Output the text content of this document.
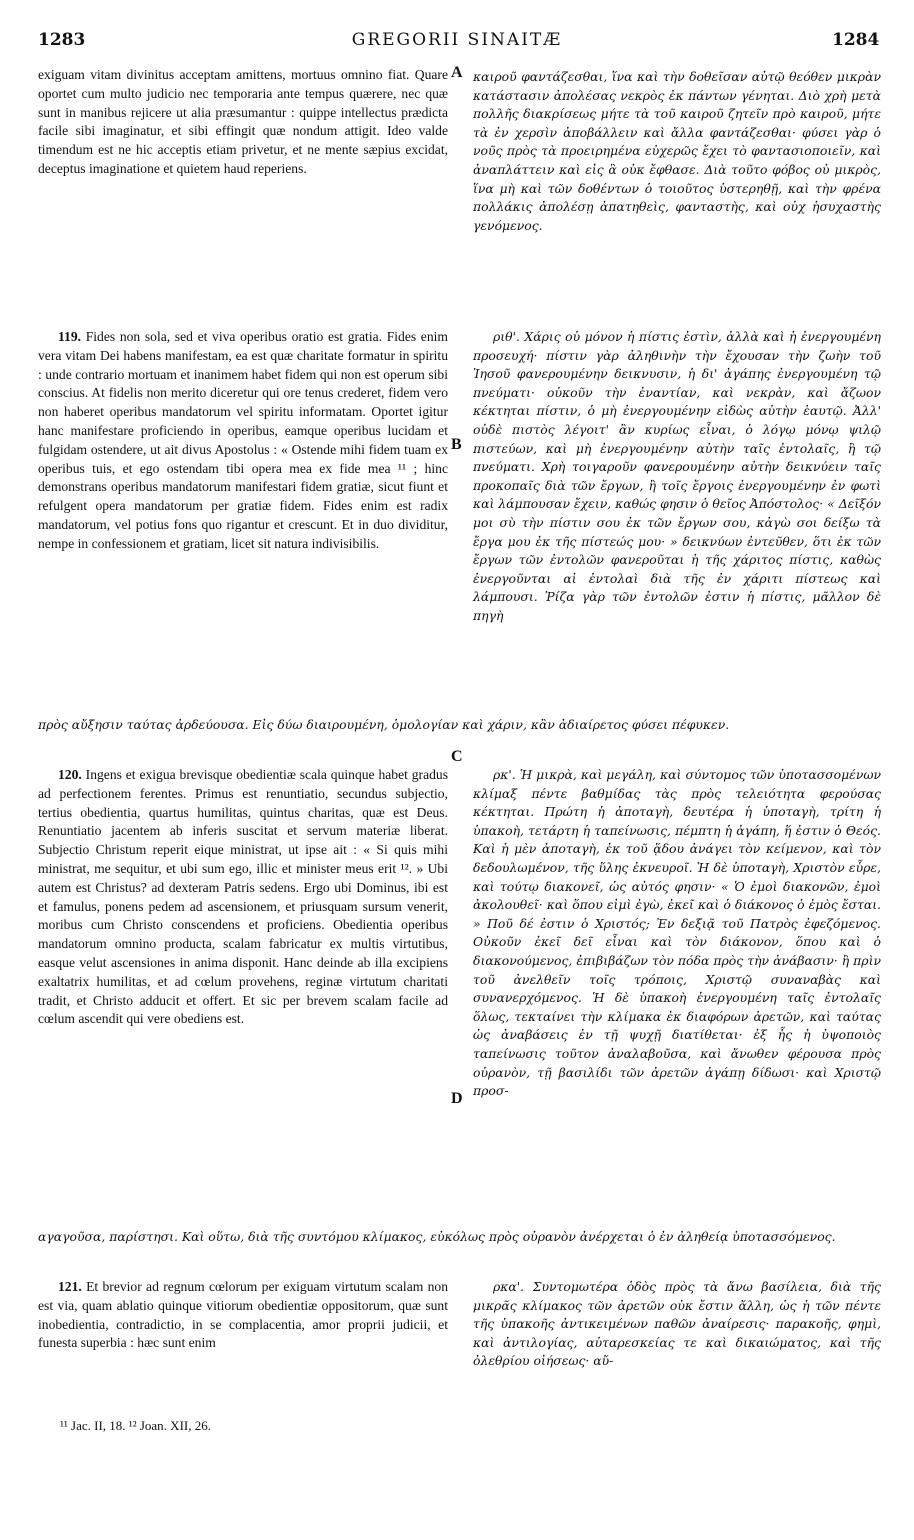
1283	GREGORII SINAITÆ	1284
A
B
C
D

exiguam vitam divinitus acceptam amittens, mortuus omnino fiat. Quare oportet cum multo judicio nec temporaria ante tempus quærere, nec quæ sunt in manibus rejicere ut alia præsumantur : quippe intellectus prædicta facile sibi imaginatur, et sibi effingit quæ nondum attigit. Ideo valde timendum est ne hic acceptis etiam privetur, et ne mente sæpius excidat, deceptus imaginatione et quietem haud reperiens.

119. Fides non sola, sed et viva operibus oratio est gratia. Fides enim vera vitam Dei habens manifestam, ea est quæ charitate formatur in spiritu : unde contrario mortuam et inanimem habet fidem qui non est operum sibi conscius. At fidelis non merito diceretur qui ore tenus crederet, fidem vero non haberet operibus mandatorum vel spiritu informatam. Oportet igitur hanc manifestare proficiendo in operibus, eamque operibus lucidam et fulgidam ostendere, ut ait divus Apostolus : « Ostende mihi fidem tuam ex operibus tuis, et ego ostendam tibi opera mea ex fide mea ¹¹ ; hinc demonstrans operibus mandatorum manifestari fidem gratiæ, sicut fiunt et refulgent opera mandatorum per gratiæ fidem. Fides enim est radix mandatorum, vel potius fons quo rigantur et crescunt. Et in duo dividitur, nempe in confessionem et gratiam, licet sit natura indivisibilis.

καιροῦ φαντάζεσθαι, ἵνα καὶ τὴν δοθεῖσαν αὐτῷ θεόθεν μικρὰν κατάστασιν ἀπολέσας νεκρὸς ἐκ πάντων γένηται. Διὸ χρὴ μετὰ πολλῆς διακρίσεως μήτε τὰ τοῦ καιροῦ ζητεῖν πρὸ καιροῦ, μήτε τὰ ἐν χερσὶν ἀποβάλλειν καὶ ἄλλα φαντάζεσθαι· φύσει γὰρ ὁ νοῦς πρὸς τὰ προειρημένα εὐχερῶς ἔχει τὸ φαντασιοποιεῖν, καὶ ἀναπλάττειν καὶ εἰς ἃ οὐκ ἔφθασε. Διὰ τοῦτο φόβος οὐ μικρὸς, ἵνα μὴ καὶ τῶν δοθέντων ὁ τοιοῦτος ὑστερηθῇ, καὶ τὴν φρένα πολλάκις ἀπολέσῃ ἀπατηθεὶς, φανταστὴς, καὶ οὐχ ἡσυχαστὴς γενόμενος.

ριθ'. Χάρις οὐ μόνον ἡ πίστις ἐστὶν, ἀλλὰ καὶ ἡ ἐνεργουμένη προσευχή· πίστιν γὰρ ἀληθινὴν τὴν ἔχουσαν τὴν ζωὴν τοῦ Ἰησοῦ φανερουμένην δεικνυσιν, ἡ δι' ἀγάπης ἐνεργουμένη τῷ πνεύματι· οὐκοῦν τὴν ἐναντίαν, καὶ νεκρὰν, καὶ ἄζωον κέκτηται πίστιν, ὁ μὴ ἐνεργουμένην εἰδὼς αὐτὴν ἑαυτῷ. Ἀλλ' οὐδὲ πιστὸς λέγοιτ' ἂν κυρίως εἶναι, ὁ λόγῳ μόνῳ ψιλῷ πιστεύων, καὶ μὴ ἐνεργουμένην αὐτὴν ταῖς ἐντολαῖς, ἢ τῷ πνεύματι. Χρὴ τοιγαροῦν φανερουμένην αὐτὴν δεικνύειν ταῖς προκοπαῖς διὰ τῶν ἔργων, ἢ τοῖς ἔργοις ἐνεργουμένην ἐν φωτὶ καὶ λάμπουσαν ἔχειν, καθώς φησιν ὁ θεῖος Ἀπόστολος· « Δεῖξόν μοι σὺ τὴν πίστιν σου ἐκ τῶν ἔργων σου, κἀγὼ σοι δείξω τὰ ἔργα μου ἐκ τῆς πίστεώς μου· » δεικνύων ἐντεῦθεν, ὅτι ἐκ τῶν ἔργων τῶν ἐντολῶν φανεροῦται ἡ τῆς χάριτος πίστις, καθὼς ἐνεργοῦνται αἱ ἐντολαὶ διὰ τῆς ἐν χάριτι πίστεως καὶ λάμπουσι. Ῥίζα γὰρ τῶν ἐντολῶν ἐστιν ἡ πίστις, μᾶλλον δὲ πηγὴ

πρὸς αὔξησιν ταύτας ἀρδεύουσα. Εἰς δύω διαιρουμένη, ὁμολογίαν καὶ χάριν, κἂν ἀδιαίρετος φύσει πέφυκεν.

120. Ingens et exigua brevisque obedientiæ scala quinque habet gradus ad perfectionem ferentes. Primus est renuntiatio, secundus subjectio, tertius obedientia, quartus humilitas, quintus charitas, quæ est Deus. Renuntiatio jacentem ab inferis suscitat et servum materiæ liberat. Subjectio Christum reperit eique ministrat, ut ipse ait : « Si quis mihi ministrat, me sequitur, et ubi sum ego, illic et minister meus erit ¹². » Ubi autem est Christus? ad dexteram Patris sedens. Ergo ubi Dominus, ibi est et famulus, ponens pedem ad ascensionem, et priusquam sursum venerit, moribus cum Christo conscendens et proficiens. Obedientia operibus mandatorum omnino producta, scalam fabricatur ex multis virtutibus, easque velut ascensiones in anima disponit. Hanc deinde ab illa excipiens exaltatrix humilitas, et ad cœlum provehens, reginæ virtutum charitati tradit, et Christo adducit et offert. Et sic per brevem scalam facile ad cœlum ascendit qui vere obediens est.

ρκ'. Ἡ μικρὰ, καὶ μεγάλη, καὶ σύντομος τῶν ὑποτασσομένων κλίμαξ πέντε βαθμίδας τὰς πρὸς τελειότητα φερούσας κέκτηται. Πρώτη ἡ ἀποταγὴ, δευτέρα ἡ ὑποταγὴ, τρίτη ἡ ὑπακοὴ, τετάρτη ἡ ταπείνωσις, πέμπτη ἡ ἀγάπη, ἥ ἐστιν ὁ Θεός. Καὶ ἡ μὲν ἀποταγὴ, ἐκ τοῦ ᾅδου ἀνάγει τὸν κείμενον, καὶ τὸν δεδουλωμένον, τῆς ὕλης ἐκνευροῖ. Ἡ δὲ ὑποταγὴ, Χριστὸν εὗρε, καὶ τούτῳ διακονεῖ, ὡς αὐτός φησιν· « Ὁ ἐμοὶ διακονῶν, ἐμοὶ ἀκολουθεῖ· καὶ ὅπου εἰμὶ ἐγὼ, ἐκεῖ καὶ ὁ διάκονος ὁ ἐμὸς ἔσται. » Ποῦ δέ ἐστιν ὁ Χριστός; Ἐν δεξιᾷ τοῦ Πατρὸς ἐφεζόμενος. Οὐκοῦν ἐκεῖ δεῖ εἶναι καὶ τὸν διάκονον, ὅπου καὶ ὁ διακονούμενος, ἐπιβιβάζων τὸν πόδα πρὸς τὴν ἀνάβασιν· ἢ πρὶν τοῦ ἀνελθεῖν τοῖς τρόποις, Χριστῷ συναναβὰς καὶ συνανερχόμενος. Ἡ δὲ ὑπακοὴ ἐνεργουμένη ταῖς ἐντολαῖς ὅλως, τεκταίνει τὴν κλίμακα ἐκ διαφόρων ἀρετῶν, καὶ ταύτας ὡς ἀναβάσεις ἐν τῇ ψυχῇ διατίθεται· ἐξ ἧς ἡ ὑψοποιὸς ταπείνωσις τοῦτον ἀναλαβοῦσα, καὶ ἄνωθεν φέρουσα πρὸς οὐρανὸν, τῇ βασιλίδι τῶν ἀρετῶν ἀγάπῃ δίδωσι· καὶ Χριστῷ προσ-

αγαγοῦσα, παρίστησι. Καὶ οὕτω, διὰ τῆς συντόμου κλίμακος, εὐκόλως πρὸς οὐρανὸν ἀνέρχεται ὁ ἐν ἀληθείᾳ ὑποτασσόμενος.

121. Et brevior ad regnum cœlorum per exiguam virtutum scalam non est via, quam ablatio quinque vitiorum obedientiæ oppositorum, quæ sunt inobedientia, contradictio, in se complacentia, amor proprii judicii, et funesta superbia : hæc sunt enim

ρκα'. Συντομωτέρα ὁδὸς πρὸς τὰ ἄνω βασίλεια, διὰ τῆς μικρᾶς κλίμακος τῶν ἀρετῶν οὐκ ἔστιν ἄλλη, ὡς ἡ τῶν πέντε τῆς ὑπακοῆς ἀντικειμένων παθῶν ἀναίρεσις· παρακοῆς, φημὶ, καὶ ἀντιλογίας, αὐταρεσκείας τε καὶ δικαιώματος, καὶ τῆς ὀλεθρίου οἰήσεως· αὔ-

¹¹ Jac. II, 18. ¹² Joan. XII, 26.
